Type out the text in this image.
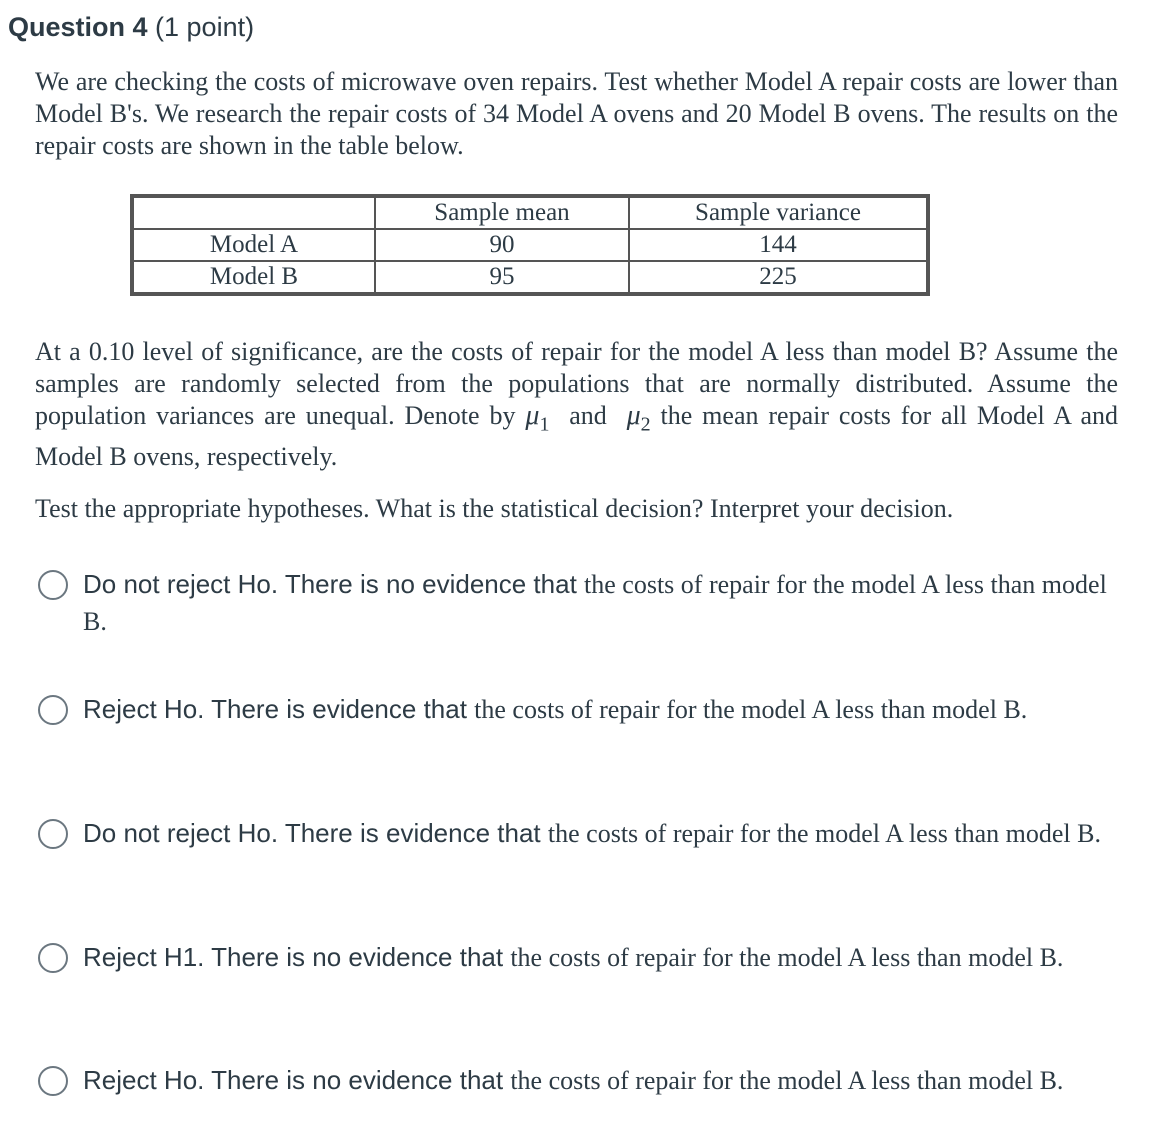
Question 4 (1 point)
We are checking the costs of microwave oven repairs. Test whether Model A repair costs are lower than Model B's. We research the repair costs of 34 Model A ovens and 20 Model B ovens. The results on the repair costs are shown in the table below.
	Sample mean	Sample variance
Model A	90	144
Model B	95	225
At a 0.10 level of significance, are the costs of repair for the model A less than model B? Assume the samples are randomly selected from the populations that are normally distributed. Assume the population variances are unequal. Denote by $\mu_1$  and  $\mu_2$ the mean repair costs for all Model A and Model B ovens, respectively.
Test the appropriate hypotheses. What is the statistical decision? Interpret your decision.
Do not reject Ho. There is no evidence that the costs of repair for the model A less than model B.
Reject Ho. There is evidence that the costs of repair for the model A less than model B.
Do not reject Ho. There is evidence that the costs of repair for the model A less than model B.
Reject H1. There is no evidence that the costs of repair for the model A less than model B.
Reject Ho. There is no evidence that the costs of repair for the model A less than model B.
